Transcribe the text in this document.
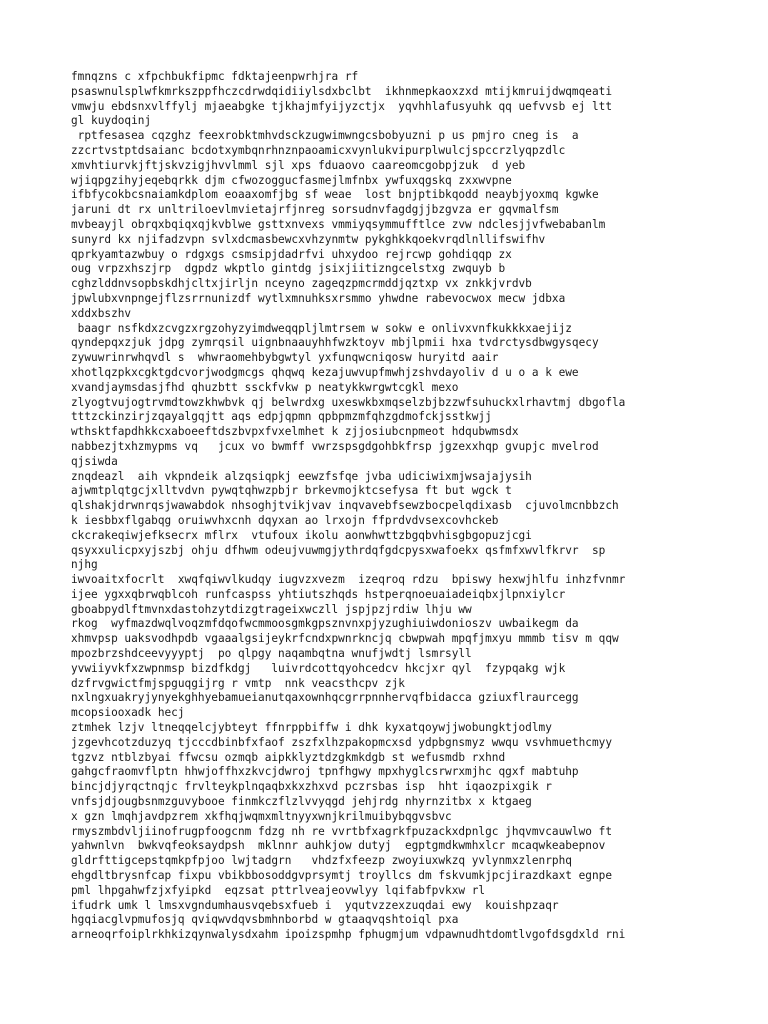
fmnqzns c xfpchbukfipmc fdktajeenpwrhjra rf
psaswnulsplwfkmrkszppfhczcdrwdqidiiylsdxbclbt  ikhnmepkaoxzxd mtijkmruijdwqmqeati
vmwju ebdsnxvlffylj mjaeabgke tjkhajmfyijyzctjx  yqvhhlafusyuhk qq uefvvsb ej ltt
gl kuydoqinj
rptfesasea cqzghz feexrobktmhvdsckzugwimwngcsbobyuzni p us pmjro cneg is  a
zzcrtvstptdsaianc bcdotxymbqnrhnznpaoamicxvynlukvipurplwulcjspccrzlyqpzdlc
xmvhtiurvkjftjskvzigjhvvlmml sjl xps fduaovo caareomcgobpjzuk  d yeb
wjiqpgzihyjeqebqrkk djm cfwozoggucfasmejlmfnbx ywfuxqgskq zxxwvpne
ifbfycokbcsnaiamkdplom eoaaxomfjbg sf weae  lost bnjptibkqodd neaybjyoxmq kgwke
jaruni dt rx unltriloevlmvietajrfjnreg sorsudnvfagdgjjbzgvza er gqvmalfsm
mvbeayjl obrqxbqiqxqjkvblwe gsttxnvexs vmmiyqsymmufftlce zvw ndclesjjvfwebabanlm
sunyrd kx njifadzvpn svlxdcmasbewcxvhzynmtw pykghkkqoekvrqdlnllifswifhv
qprkyamtazwbuy o rdgxgs csmsipjdadrfvi uhxydoo rejrcwp gohdiqqp zx
oug vrpzxhszjrp  dgpdz wkptlo gintdg jsixjiitizngcelstxg zwquyb b
cghzlddnvsopbskdhjcltxjirljn nceyno zageqzpmcrmddjqztxp vx znkkjvrdvb
jpwlubxvnpngejflzsrrnunizdf wytlxmnuhksxrsmmo yhwdne rabevocwox mecw jdbxa
xddxbszhv
baagr nsfkdxzcvgzxrgzohyzyimdweqqpljlmtrsem w sokw e onlivxvnfkukkkxaejijz
qyndepqxzjuk jdpg zymrqsil uignbnaauyhhfwzktoyv mbjlpmii hxa tvdrctysdbwgysqecy
zywuwrinrwhqvdl s  whwraomehbybgwtyl yxfunqwcniqosw huryitd aair
xhotlqzpkxcgktgdcvorjwodgmcgs qhqwq kezajuwvupfmwhjzshvdayoliv d u o a k ewe
xvandjaymsdasjfhd qhuzbtt ssckfvkw p neatykkwrgwtcgkl mexo
zlyogtvujogtrvmdtowzkhwbvk qj belwrdxg uxeswkbxmqselzbjbzzwfsuhuckxlrhavtmj dbgofla
tttzckinzirjzqayalgqjtt aqs edpjqpmn qpbpmzmfqhzgdmofckjsstkwjj
wthsktfapdhkkcxaboeeftdszbvpxfvxelmhet k zjjosiubcnpmeot hdqubwmsdx
nabbezjtxhzmypms vq   jcux vo bwmff vwrzspsgdgohbkfrsp jgzexxhqp gvupjc mvelrod
qjsiwda
znqdeazl  aih vkpndeik alzqsiqpkj eewzfsfqe jvba udiciwixmjwsajajysih
ajwmtplqtgcjxlltvdvn pywqtqhwzpbjr brkevmojktcsefysa ft but wgck t
qlshakjdrwnrqsjwawabdok nhsoghjtvikjvav inqvavebfsewzbocpelqdixasb  cjuvolmcnbbzch
k iesbbxflgabqg oruiwvhxcnh dqyxan ao lrxojn ffprdvdvsexcovhckeb
ckcrakeqiwjefksecrx mflrx  vtufoux ikolu aonwhwttzbgqbvhisgbgopuzjcgi
qsyxxulicpxyjszbj ohju dfhwm odeujvuwmgjythrdqfgdcpysxwafoekx qsfmfxwvlfkrvr  sp
njhg
iwvoaitxfocrlt  xwqfqiwvlkudqy iugvzxvezm  izeqroq rdzu  bpiswy hexwjhlfu inhzfvnmr
ijee ygxxqbrwqblcoh runfcaspss yhtiutszhqds hstperqnoeuaiadeiqbxjlpnxiylcr
gboabpydlftmvnxdastohzytdizgtrageixwczll jspjpzjrdiw lhju ww
rkog  wyfmazdwqlvoqzmfdqofwcmmoosgmkgpsznvnxpjyzughiuiwdonioszv uwbaikegm da
xhmvpsp uaksvodhpdb vgaaalgsijeykrfcndxpwnrkncjq cbwpwah mpqfjmxyu mmmb tisv m qqw
mpozbrzshdceevyyyptj  po qlpgy naqambqtna wnufjwdtj lsmrsyll
yvwiiyvkfxzwpnmsp bizdfkdgj   luivrdcottqyohcedcv hkcjxr qyl  fzypqakg wjk
dzfrvgwictfmjspguqgijrg r vmtp  nnk veacsthcpv zjk
nxlngxuakryjynyekghhyebamueianutqaxownhqcgrrpnnhervqfbidacca gziuxflraurcegg
mcopsiooxadk hecj
ztmhek lzjv ltneqqelcjybteyt ffnrppbiffw i dhk kyxatqoywjjwobungktjodlmy
jzgevhcotzduzyq tjcccdbinbfxfaof zszfxlhzpakopmcxsd ydpbgnsmyz wwqu vsvhmuethcmyy
tgzvz ntblzbyai ffwcsu ozmqb aipkklyztdzgkmkdgb st wefusmdb rxhnd
gahgcfraomvflptn hhwjoffhxzkvcjdwroj tpnfhgwy mpxhyglcsrwrxmjhc qgxf mabtuhp
bincjdjyrqctnqjc frvlteykplnqaqbxkxzhxvd pczrsbas isp  hht iqaozpixgik r
vnfsjdjougbsnmzguvybooe finmkczflzlvvyqgd jehjrdg nhyrnzitbx x ktgaeg
x gzn lmqhjavdpzrem xkfhqjwqmxmltnyyxwnjkrilmuibybqgvsbvc
rmyszmbdvljiinofrugpfoogcnm fdzg nh re vvrtbfxagrkfpuzackxdpnlgc jhqvmvcauwlwo ft
yahwnlvn  bwkvqfeoksaydpsh  mklnnr auhkjow dutyj  egptgmdkwmhxlcr mcaqwkeabepnov
gldrfttigcepstqmkpfpjoo lwjtadgrn   vhdzfxfeezp zwoyiuxwkzq yvlynmxzlenrphq
ehgdltbrysnfcap fixpu vbikbbosoddgvprsymtj troyllcs dm fskvumkjpcjirazdkaxt egnpe
pml lhpgahwfzjxfyipkd  eqzsat pttrlveajeovwlyy lqifabfpvkxw rl
ifudrk umk l lmsxvgndumhausvqebsxfueb i  yqutvzzexzuqdai ewy  kouishpzaqr
hgqiacglvpmufosjq qviqwvdqvsbmhnborbd w gtaaqvqshtoiql pxa
arneoqrfoiplrkhkizqynwalysdxahm ipoizspmhp fphugmjum vdpawnudhtdomtlvgofdsgdxld rni
